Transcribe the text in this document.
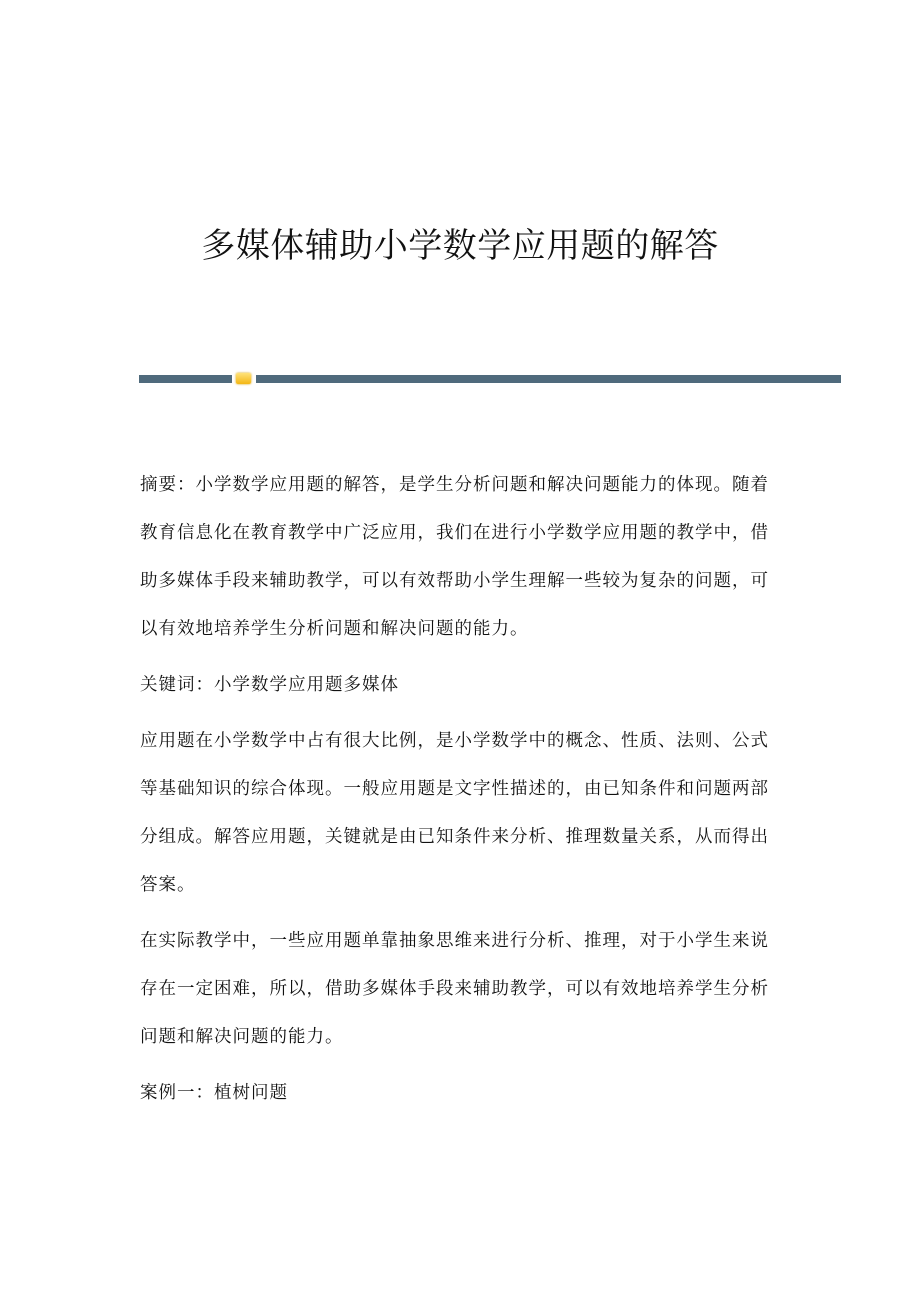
多媒体辅助小学数学应用题的解答
摘要：小学数学应用题的解答，是学生分析问题和解决问题能力的体现。随着
教育信息化在教育教学中广泛应用，我们在进行小学数学应用题的教学中，借
助多媒体手段来辅助教学，可以有效帮助小学生理解一些较为复杂的问题，可
以有效地培养学生分析问题和解决问题的能力。
关键词：小学数学应用题多媒体
应用题在小学数学中占有很大比例，是小学数学中的概念、性质、法则、公式
等基础知识的综合体现。一般应用题是文字性描述的，由已知条件和问题两部
分组成。解答应用题，关键就是由已知条件来分析、推理数量关系，从而得出
答案。
在实际教学中，一些应用题单靠抽象思维来进行分析、推理，对于小学生来说
存在一定困难，所以，借助多媒体手段来辅助教学，可以有效地培养学生分析
问题和解决问题的能力。
案例一：植树问题
